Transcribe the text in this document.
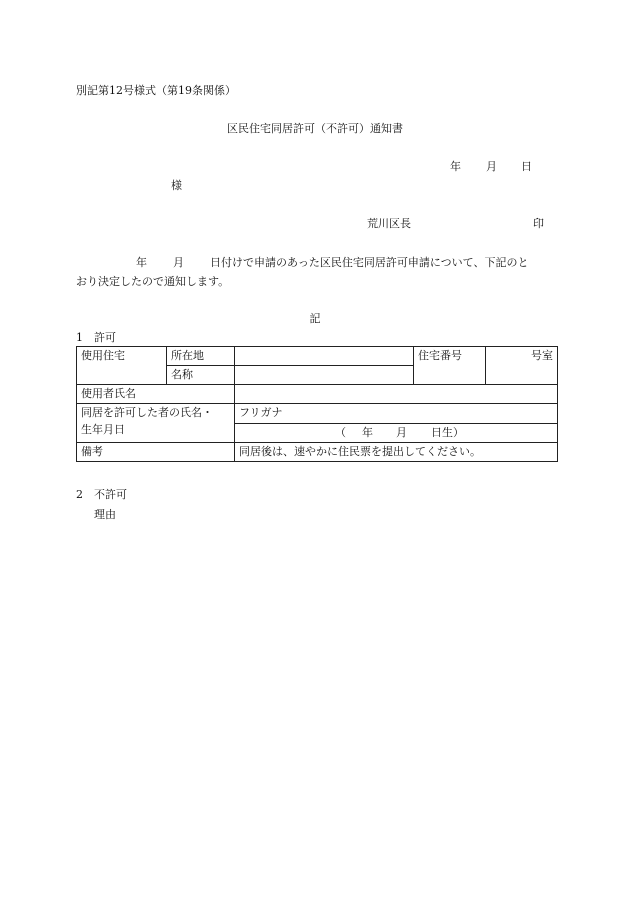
別記第12号様式（第19条関係）
区民住宅同居許可（不許可）通知書
年 月 日
様
荒川区長	印
年 月 日付けで申請のあった区民住宅同居許可申請について、下記のと
おり決定したので通知します。
記
1　許可
使用住宅	所在地		住宅番号	号室
	名称			
使用者氏名				

同居を許可した者の氏名・
生年月日		フリガナ		

		（ 年 月 日生）		

備考		同居後は、速やかに住民票を提出してください。		
2　不許可
理由
